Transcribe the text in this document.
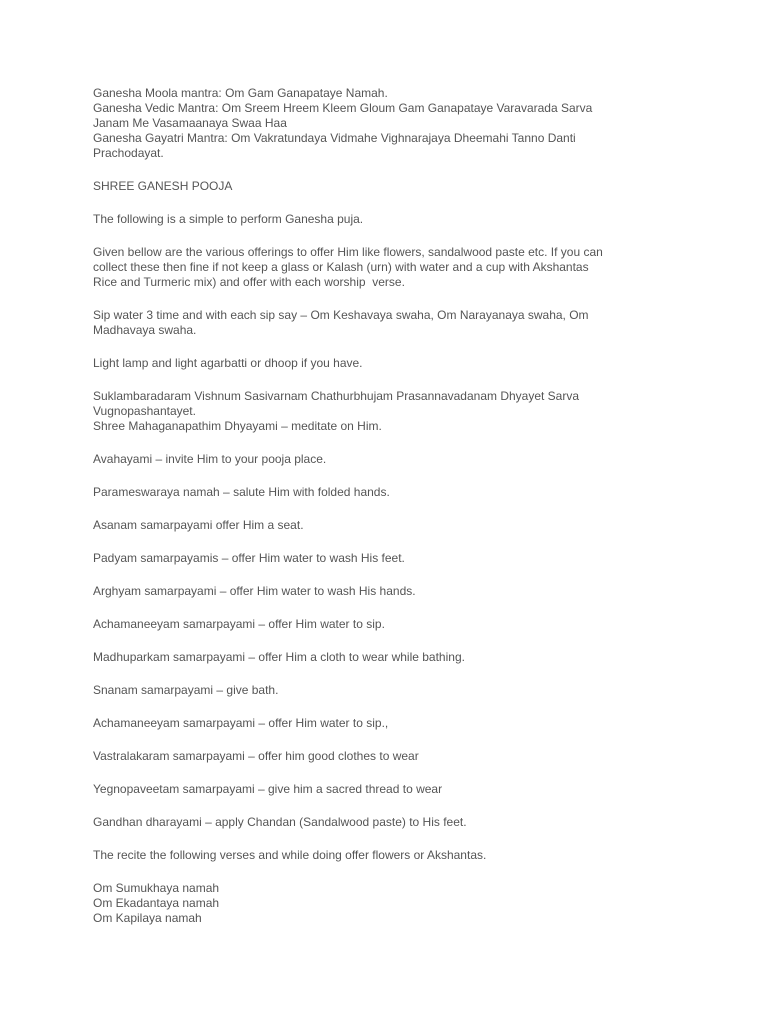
Ganesha Moola mantra: Om Gam Ganapataye Namah.
Ganesha Vedic Mantra: Om Sreem Hreem Kleem Gloum Gam Ganapataye Varavarada Sarva
Janam Me Vasamaanaya Swaa Haa
Ganesha Gayatri Mantra: Om Vakratundaya Vidmahe Vighnarajaya Dheemahi Tanno Danti
Prachodayat.
SHREE GANESH POOJA
The following is a simple to perform Ganesha puja.
Given bellow are the various offerings to offer Him like flowers, sandalwood paste etc. If you can
collect these then fine if not keep a glass or Kalash (urn) with water and a cup with Akshantas
Rice and Turmeric mix) and offer with each worship  verse.
Sip water 3 time and with each sip say – Om Keshavaya swaha, Om Narayanaya swaha, Om
Madhavaya swaha.
Light lamp and light agarbatti or dhoop if you have.
Suklambaradaram Vishnum Sasivarnam Chathurbhujam Prasannavadanam Dhyayet Sarva
Vugnopashantayet.
Shree Mahaganapathim Dhyayami – meditate on Him.
Avahayami – invite Him to your pooja place.
Parameswaraya namah – salute Him with folded hands.
Asanam samarpayami offer Him a seat.
Padyam samarpayamis – offer Him water to wash His feet.
Arghyam samarpayami – offer Him water to wash His hands.
Achamaneeyam samarpayami – offer Him water to sip.
Madhuparkam samarpayami – offer Him a cloth to wear while bathing.
Snanam samarpayami – give bath.
Achamaneeyam samarpayami – offer Him water to sip.,
Vastralakaram samarpayami – offer him good clothes to wear
Yegnopaveetam samarpayami – give him a sacred thread to wear
Gandhan dharayami – apply Chandan (Sandalwood paste) to His feet.
The recite the following verses and while doing offer flowers or Akshantas.
Om Sumukhaya namah
Om Ekadantaya namah
Om Kapilaya namah
